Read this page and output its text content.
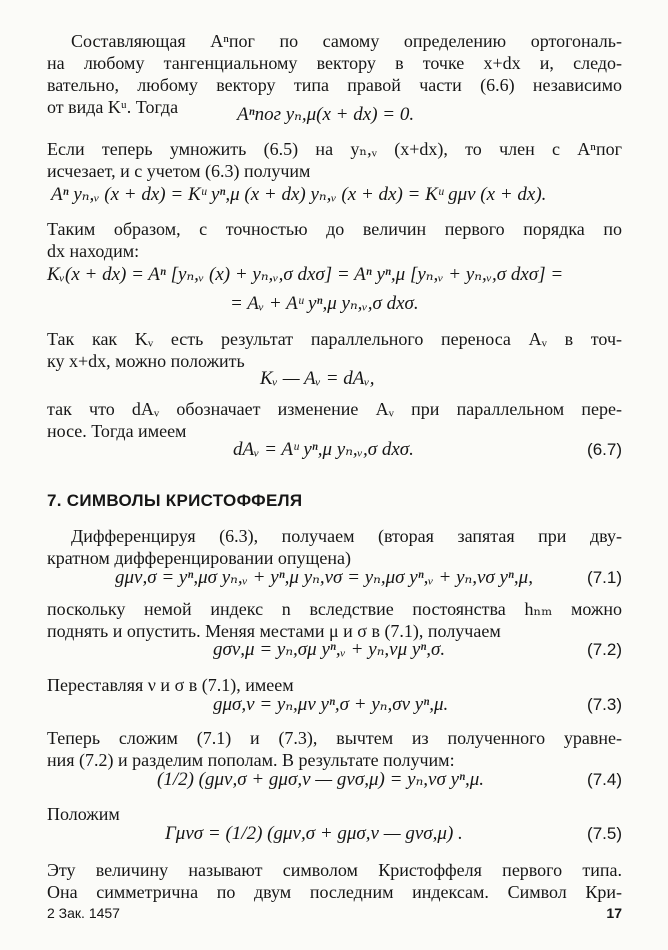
Составляющая Aⁿпог по самому определению ортогональ-
на любому тангенциальному вектору в точке x+dx и, следо-
вательно, любому вектору типа правой части (6.6) независимо
от вида Kᵘ. Тогда	Aⁿпог yₙ,μ(x + dx) = 0.
Если теперь умножить (6.5) на yₙ,ᵥ (x+dx), то член с Aⁿпог
исчезает, и с учетом (6.3) получим
Aⁿ yₙ,ᵥ (x + dx) = Kᵘ yⁿ,μ (x + dx) yₙ,ᵥ (x + dx) = Kᵘ gμν (x + dx).
Таким образом, с точностью до величин первого порядка по
dx находим:
Kᵥ(x + dx) = Aⁿ [yₙ,ᵥ (x) + yₙ,ᵥ,σ dxσ] = Aⁿ yⁿ,μ [yₙ,ᵥ + yₙ,ᵥ,σ dxσ] =
= Aᵥ + Aᵘ yⁿ,μ yₙ,ᵥ,σ dxσ.
Так как Kᵥ есть результат параллельного переноса Aᵥ в точ-
ку x+dx, можно положить
Kᵥ — Aᵥ = dAᵥ,
так что dAᵥ обозначает изменение Aᵥ при параллельном пере-
носе. Тогда имеем
dAᵥ = Aᵘ yⁿ,μ yₙ,ᵥ,σ dxσ.	(6.7)
7. СИМВОЛЫ КРИСТОФФЕЛЯ
Дифференцируя (6.3), получаем (вторая запятая при дву-
кратном дифференцировании опущена)
gμν,σ = yⁿ,μσ yₙ,ᵥ + yⁿ,μ yₙ,νσ = yₙ,μσ yⁿ,ᵥ + yₙ,νσ yⁿ,μ,	(7.1)
поскольку немой индекс n вследствие постоянства hₙₘ можно
поднять и опустить. Меняя местами μ и σ в (7.1), получаем
gσν,μ = yₙ,σμ yⁿ,ᵥ + yₙ,νμ yⁿ,σ.	(7.2)
Переставляя ν и σ в (7.1), имеем
gμσ,ν = yₙ,μν yⁿ,σ + yₙ,σν yⁿ,μ.	(7.3)
Теперь сложим (7.1) и (7.3), вычтем из полученного уравне-
ния (7.2) и разделим пополам. В результате получим:
(1/2) (gμν,σ + gμσ,ν — gνσ,μ) = yₙ,νσ yⁿ,μ.	(7.4)
Положим
Γμνσ = (1/2) (gμν,σ + gμσ,ν — gνσ,μ) .	(7.5)
Эту величину называют символом Кристоффеля первого типа.
Она симметрична по двум последним индексам. Символ Кри-
2 Зак. 1457	17
